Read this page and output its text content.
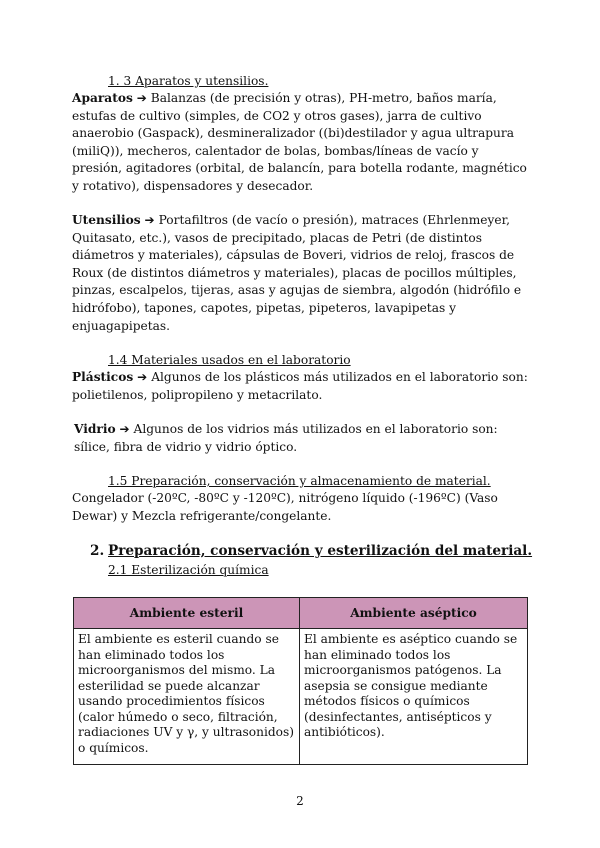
1. 3 Aparatos y utensilios.

Aparatos ➔ Balanzas (de precisión y otras), PH-metro, baños maría, estufas de cultivo (simples, de CO2 y otros gases), jarra de cultivo anaerobio (Gaspack), desmineralizador ((bi)destilador y agua ultrapura (miliQ)), mecheros, calentador de bolas, bombas/líneas de vacío y presión, agitadores (orbital, de balancín, para botella rodante, magnético y rotativo), dispensadores y desecador.

Utensilios ➔ Portafiltros (de vacío o presión), matraces (Ehrlenmeyer, Quitasato, etc.), vasos de precipitado, placas de Petri (de distintos diámetros y materiales), cápsulas de Boveri, vidrios de reloj, frascos de Roux (de distintos diámetros y materiales), placas de pocillos múltiples, pinzas, escalpelos, tijeras, asas y agujas de siembra, algodón (hidrófilo e hidrófobo), tapones, capotes, pipetas, pipeteros, lavapipetas y enjuagapipetas.

1.4 Materiales usados en el laboratorio

Plásticos ➔ Algunos de los plásticos más utilizados en el laboratorio son: polietilenos, polipropileno y metacrilato.

Vidrio ➔ Algunos de los vidrios más utilizados en el laboratorio son: sílice, fibra de vidrio y vidrio óptico.

1.5 Preparación, conservación y almacenamiento de material.

Congelador (-20ºC, -80ºC y -120ºC), nitrógeno líquido (-196ºC) (Vaso Dewar) y Mezcla refrigerante/congelante.

2. Preparación, conservación y esterilización del material.
2.1 Esterilización química
Ambiente esteril	Ambiente aséptico
El ambiente es esteril cuando se han eliminado todos los microorganismos del mismo. La esterilidad se puede alcanzar usando procedimientos físicos (calor húmedo o seco, filtración, radiaciones UV y γ, y ultrasonidos) o químicos.	El ambiente es aséptico cuando se han eliminado todos los microorganismos patógenos. La asepsia se consigue mediante métodos físicos o químicos (desinfectantes, antisépticos y antibióticos).
2
